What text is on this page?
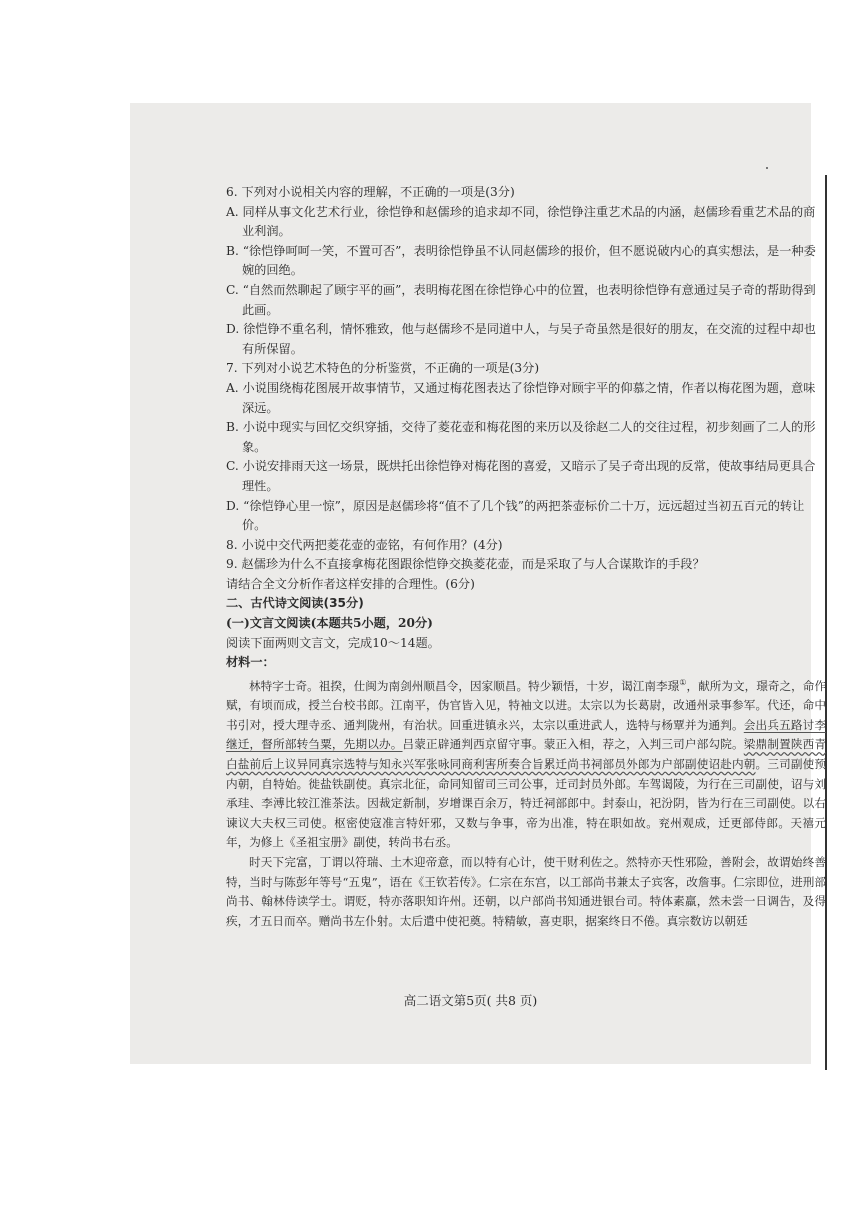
6. 下列对小说相关内容的理解，不正确的一项是(3分)

A. 同样从事文化艺术行业，徐恺铮和赵儒珍的追求却不同，徐恺铮注重艺术品的内涵，赵儒珍看重艺术品的商业利润。

B. “徐恺铮呵呵一笑，不置可否”，表明徐恺铮虽不认同赵儒珍的报价，但不愿说破内心的真实想法，是一种委婉的回绝。

C. “自然而然聊起了顾宇平的画”，表明梅花图在徐恺铮心中的位置，也表明徐恺铮有意通过吴子奇的帮助得到此画。

D. 徐恺铮不重名利，情怀雅致，他与赵儒珍不是同道中人，与吴子奇虽然是很好的朋友，在交流的过程中却也有所保留。

7. 下列对小说艺术特色的分析鉴赏，不正确的一项是(3分)

A. 小说围绕梅花图展开故事情节，又通过梅花图表达了徐恺铮对顾宇平的仰慕之情，作者以梅花图为题，意味深远。

B. 小说中现实与回忆交织穿插，交待了菱花壶和梅花图的来历以及徐赵二人的交往过程，初步刻画了二人的形象。

C. 小说安排雨天这一场景，既烘托出徐恺铮对梅花图的喜爱，又暗示了吴子奇出现的反常，使故事结局更具合理性。

D. “徐恺铮心里一惊”，原因是赵儒珍将“值不了几个钱”的两把茶壶标价二十万，远远超过当初五百元的转让价。

8. 小说中交代两把菱花壶的壶铭，有何作用？(4分)

9. 赵儒珍为什么不直接拿梅花图跟徐恺铮交换菱花壶，而是采取了与人合谋欺诈的手段？

请结合全文分析作者这样安排的合理性。(6分)

二、古代诗文阅读(35分)

(一)文言文阅读(本题共5小题，20分)

阅读下面两则文言文，完成10～14题。

材料一：

林特字士奇。祖揆，仕闽为南剑州顺昌令，因家顺昌。特少颖悟，十岁，谒江南李璟①，献所为文，璟奇之，命作赋，有顷而成，授兰台校书郎。江南平，伪官皆入见，特袖文以进。太宗以为长葛尉，改通州录事参军。代还，命中书引对，授大理寺丞、通判陇州，有治状。回重进镇永兴，太宗以重进武人，选特与杨覃并为通判。会出兵五路讨李继迁，督所部转刍粟，先期以办。吕蒙正辟通判西京留守事。蒙正入相，荐之，入判三司户部勾院。梁鼎制置陕西青白盐前后上议异同真宗选特与知永兴军张咏同商利害所奏合旨累迁尚书祠部员外郎为户部副使诏赴内朝。三司副使预内朝，自特始。徙盐铁副使。真宗北征，命同知留司三司公事，迁司封员外郎。车驾谒陵，为行在三司副使，诏与刘承珪、李溥比较江淮茶法。因裁定新制，岁增课百余万，特迁祠部郎中。封泰山，祀汾阴，皆为行在三司副使。以右谏议大夫权三司使。枢密使寇准言特奸邪，又数与争事，帝为出准，特在职如故。兖州观成，迁更部侍郎。天禧元年，为修上《圣祖宝册》副使，转尚书右丞。

时天下完富，丁谓以符瑞、土木迎帝意，而以特有心计，使干财利佐之。然特亦天性邪险，善附会，故谓始终善特，当时与陈彭年等号“五鬼”，语在《王钦若传》。仁宗在东宫，以工部尚书兼太子宾客，改詹事。仁宗即位，进刑部尚书、翰林侍读学士。谓贬，特亦落职知许州。还朝，以户部尚书知通进银台司。特体素羸，然未尝一日调告，及得疾，才五日而卒。赠尚书左仆射。太后遣中使祀奠。特精敏，喜吏职，据案终日不倦。真宗数访以朝廷

高二语文第5页( 共8 页)
